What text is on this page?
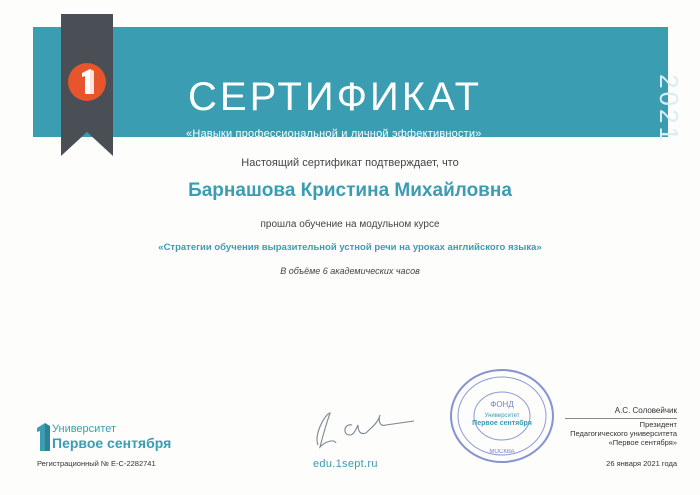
СЕРТИФИКАТ
«Навыки профессиональной и личной эффективности»	2021
Настоящий сертификат подтверждает, что
Барнашова Кристина Михайловна
прошла обучение на модульном курсе
«Стратегии обучения выразительной устной речи на уроках английского языка»
В объёме 6 академических часов
Университет
Первое сентября
Регистрационный № Е-С-2282741	edu.1sept.ru
ФОНД
Университет
Первое сентября
МОСКВА
А.С. Соловейчик
Президент
Педагогического университета
«Первое сентября»
26 января 2021 года
